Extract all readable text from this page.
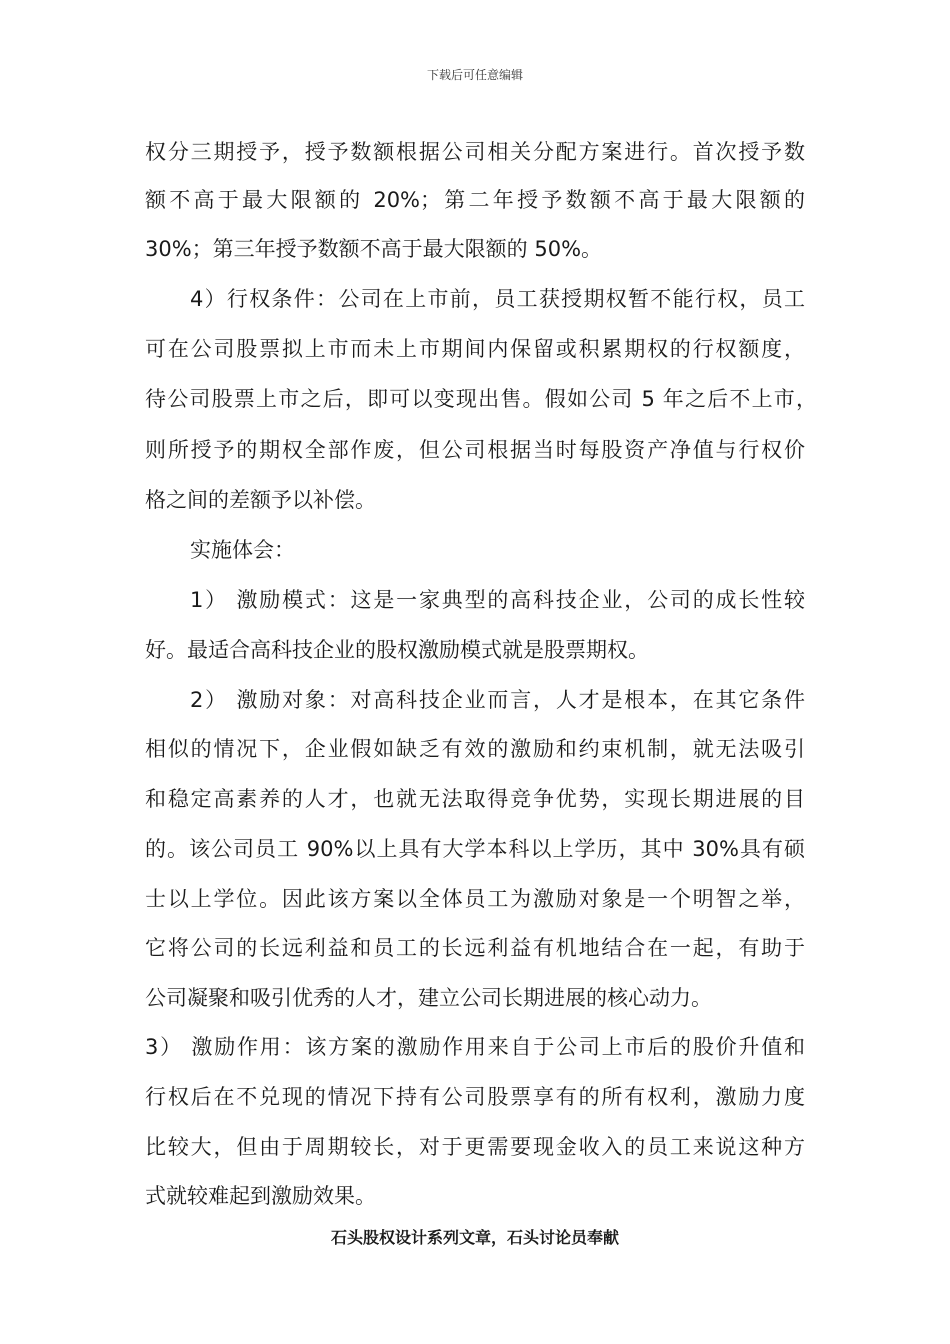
下载后可任意编辑
权分三期授予，授予数额根据公司相关分配方案进行。首次授予数
额不高于最大限额的 20%；第二年授予数额不高于最大限额的
30%；第三年授予数额不高于最大限额的 50%。
4）行权条件：公司在上市前，员工获授期权暂不能行权，员工
可在公司股票拟上市而未上市期间内保留或积累期权的行权额度，
待公司股票上市之后，即可以变现出售。假如公司 5 年之后不上市，
则所授予的期权全部作废，但公司根据当时每股资产净值与行权价
格之间的差额予以补偿。
实施体会：
1） 激励模式：这是一家典型的高科技企业，公司的成长性较
好。最适合高科技企业的股权激励模式就是股票期权。
2） 激励对象：对高科技企业而言，人才是根本，在其它条件
相似的情况下，企业假如缺乏有效的激励和约束机制，就无法吸引
和稳定高素养的人才，也就无法取得竞争优势，实现长期进展的目
的。该公司员工 90%以上具有大学本科以上学历，其中 30%具有硕
士以上学位。因此该方案以全体员工为激励对象是一个明智之举，
它将公司的长远利益和员工的长远利益有机地结合在一起，有助于
公司凝聚和吸引优秀的人才，建立公司长期进展的核心动力。
3） 激励作用：该方案的激励作用来自于公司上市后的股价升值和
行权后在不兑现的情况下持有公司股票享有的所有权利，激励力度
比较大，但由于周期较长，对于更需要现金收入的员工来说这种方
式就较难起到激励效果。
石头股权设计系列文章，石头讨论员奉献
